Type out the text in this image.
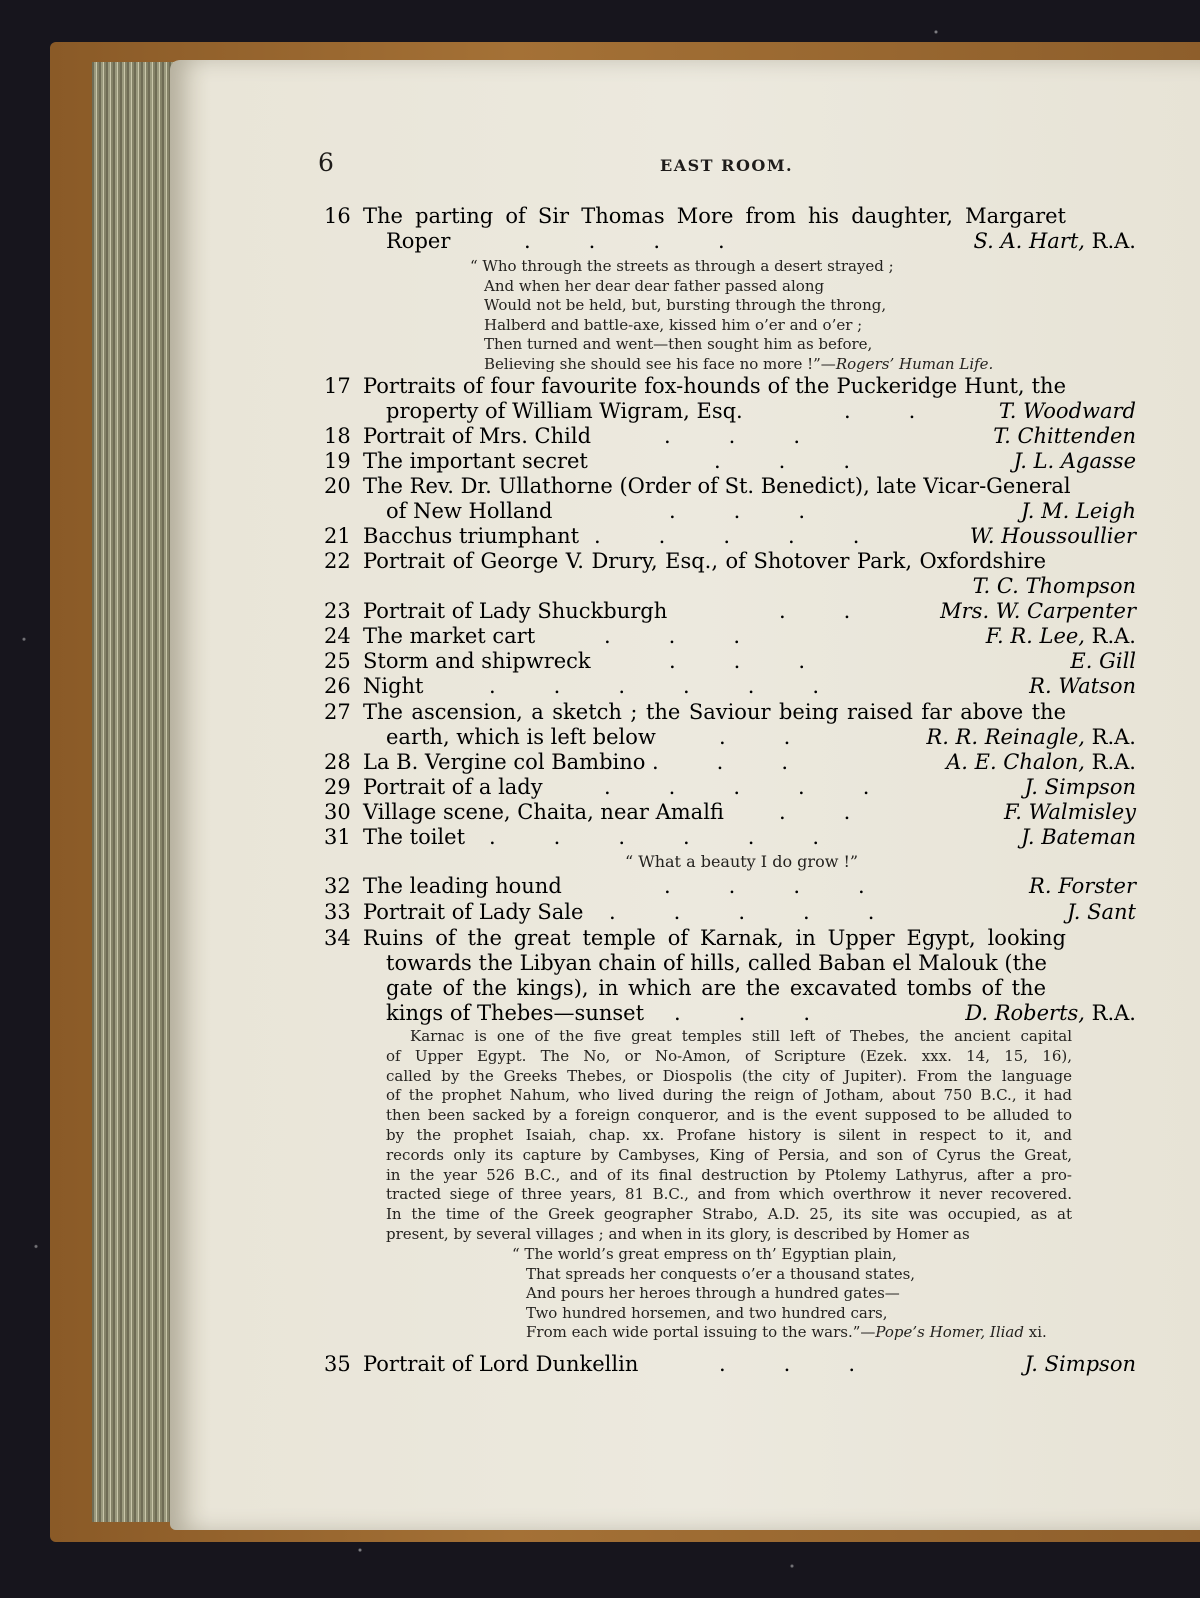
6	EAST ROOM.
16 The parting of Sir Thomas More from his daughter, Margaret
Roper	....	S. A. Hart, R.A.
“ Who through the streets as through a desert strayed ;
And when her dear dear father passed along
Would not be held, but, bursting through the throng,
Halberd and battle-axe, kissed him o’er and o’er ;
Then turned and went—then sought him as before,
Believing she should see his face no more !”—Rogers’ Human Life.
17 Portraits of four favourite fox-hounds of the Puckeridge Hunt, the
property of William Wigram, Esq.	.. T. Woodward
18 Portrait of Mrs. Child	...	T. Chittenden
19 The important secret	...	J. L. Agasse
20 The Rev. Dr. Ullathorne (Order of St. Benedict), late Vicar-General
of New Holland	...	J. M. Leigh
21 Bacchus triumphant .....	W. Houssoullier
22 Portrait of George V. Drury, Esq., of Shotover Park, Oxfordshire
T. C. Thompson
23 Portrait of Lady Shuckburgh	.. Mrs. W. Carpenter
24 The market cart	...	F. R. Lee, R.A.
25 Storm and shipwreck	...	E. Gill
26 Night	......	R. Watson
27 The ascension, a sketch ; the Saviour being raised far above the
earth, which is left below	..	R. R. Reinagle, R.A.
28 La B. Vergine col Bambino ...	A. E. Chalon, R.A.
29 Portrait of a lady	.....	J. Simpson
30 Village scene, Chaita, near Amalfi	..	F. Walmisley
31 The toilet ......	J. Bateman
“ What a beauty I do grow !”
32 The leading hound	....	R. Forster
33 Portrait of Lady Sale .....	J. Sant
34 Ruins of the great temple of Karnak, in Upper Egypt, looking
towards the Libyan chain of hills, called Baban el Malouk (the
gate of the kings), in which are the excavated tombs of the
kings of Thebes—sunset ...	D. Roberts, R.A.
Karnac is one of the five great temples still left of Thebes, the ancient capital
of Upper Egypt. The No, or No-Amon, of Scripture (Ezek. xxx. 14, 15, 16),
called by the Greeks Thebes, or Diospolis (the city of Jupiter). From the language
of the prophet Nahum, who lived during the reign of Jotham, about 750 B.C., it had
then been sacked by a foreign conqueror, and is the event supposed to be alluded to
by the prophet Isaiah, chap. xx. Profane history is silent in respect to it, and
records only its capture by Cambyses, King of Persia, and son of Cyrus the Great,
in the year 526 B.C., and of its final destruction by Ptolemy Lathyrus, after a pro-
tracted siege of three years, 81 B.C., and from which overthrow it never recovered.
In the time of the Greek geographer Strabo, A.D. 25, its site was occupied, as at
present, by several villages ; and when in its glory, is described by Homer as
“ The world’s great empress on th’ Egyptian plain,
That spreads her conquests o’er a thousand states,
And pours her heroes through a hundred gates—
Two hundred horsemen, and two hundred cars,
From each wide portal issuing to the wars.”—Pope’s Homer, Iliad xi.
35 Portrait of Lord Dunkellin	...	J. Simpson
